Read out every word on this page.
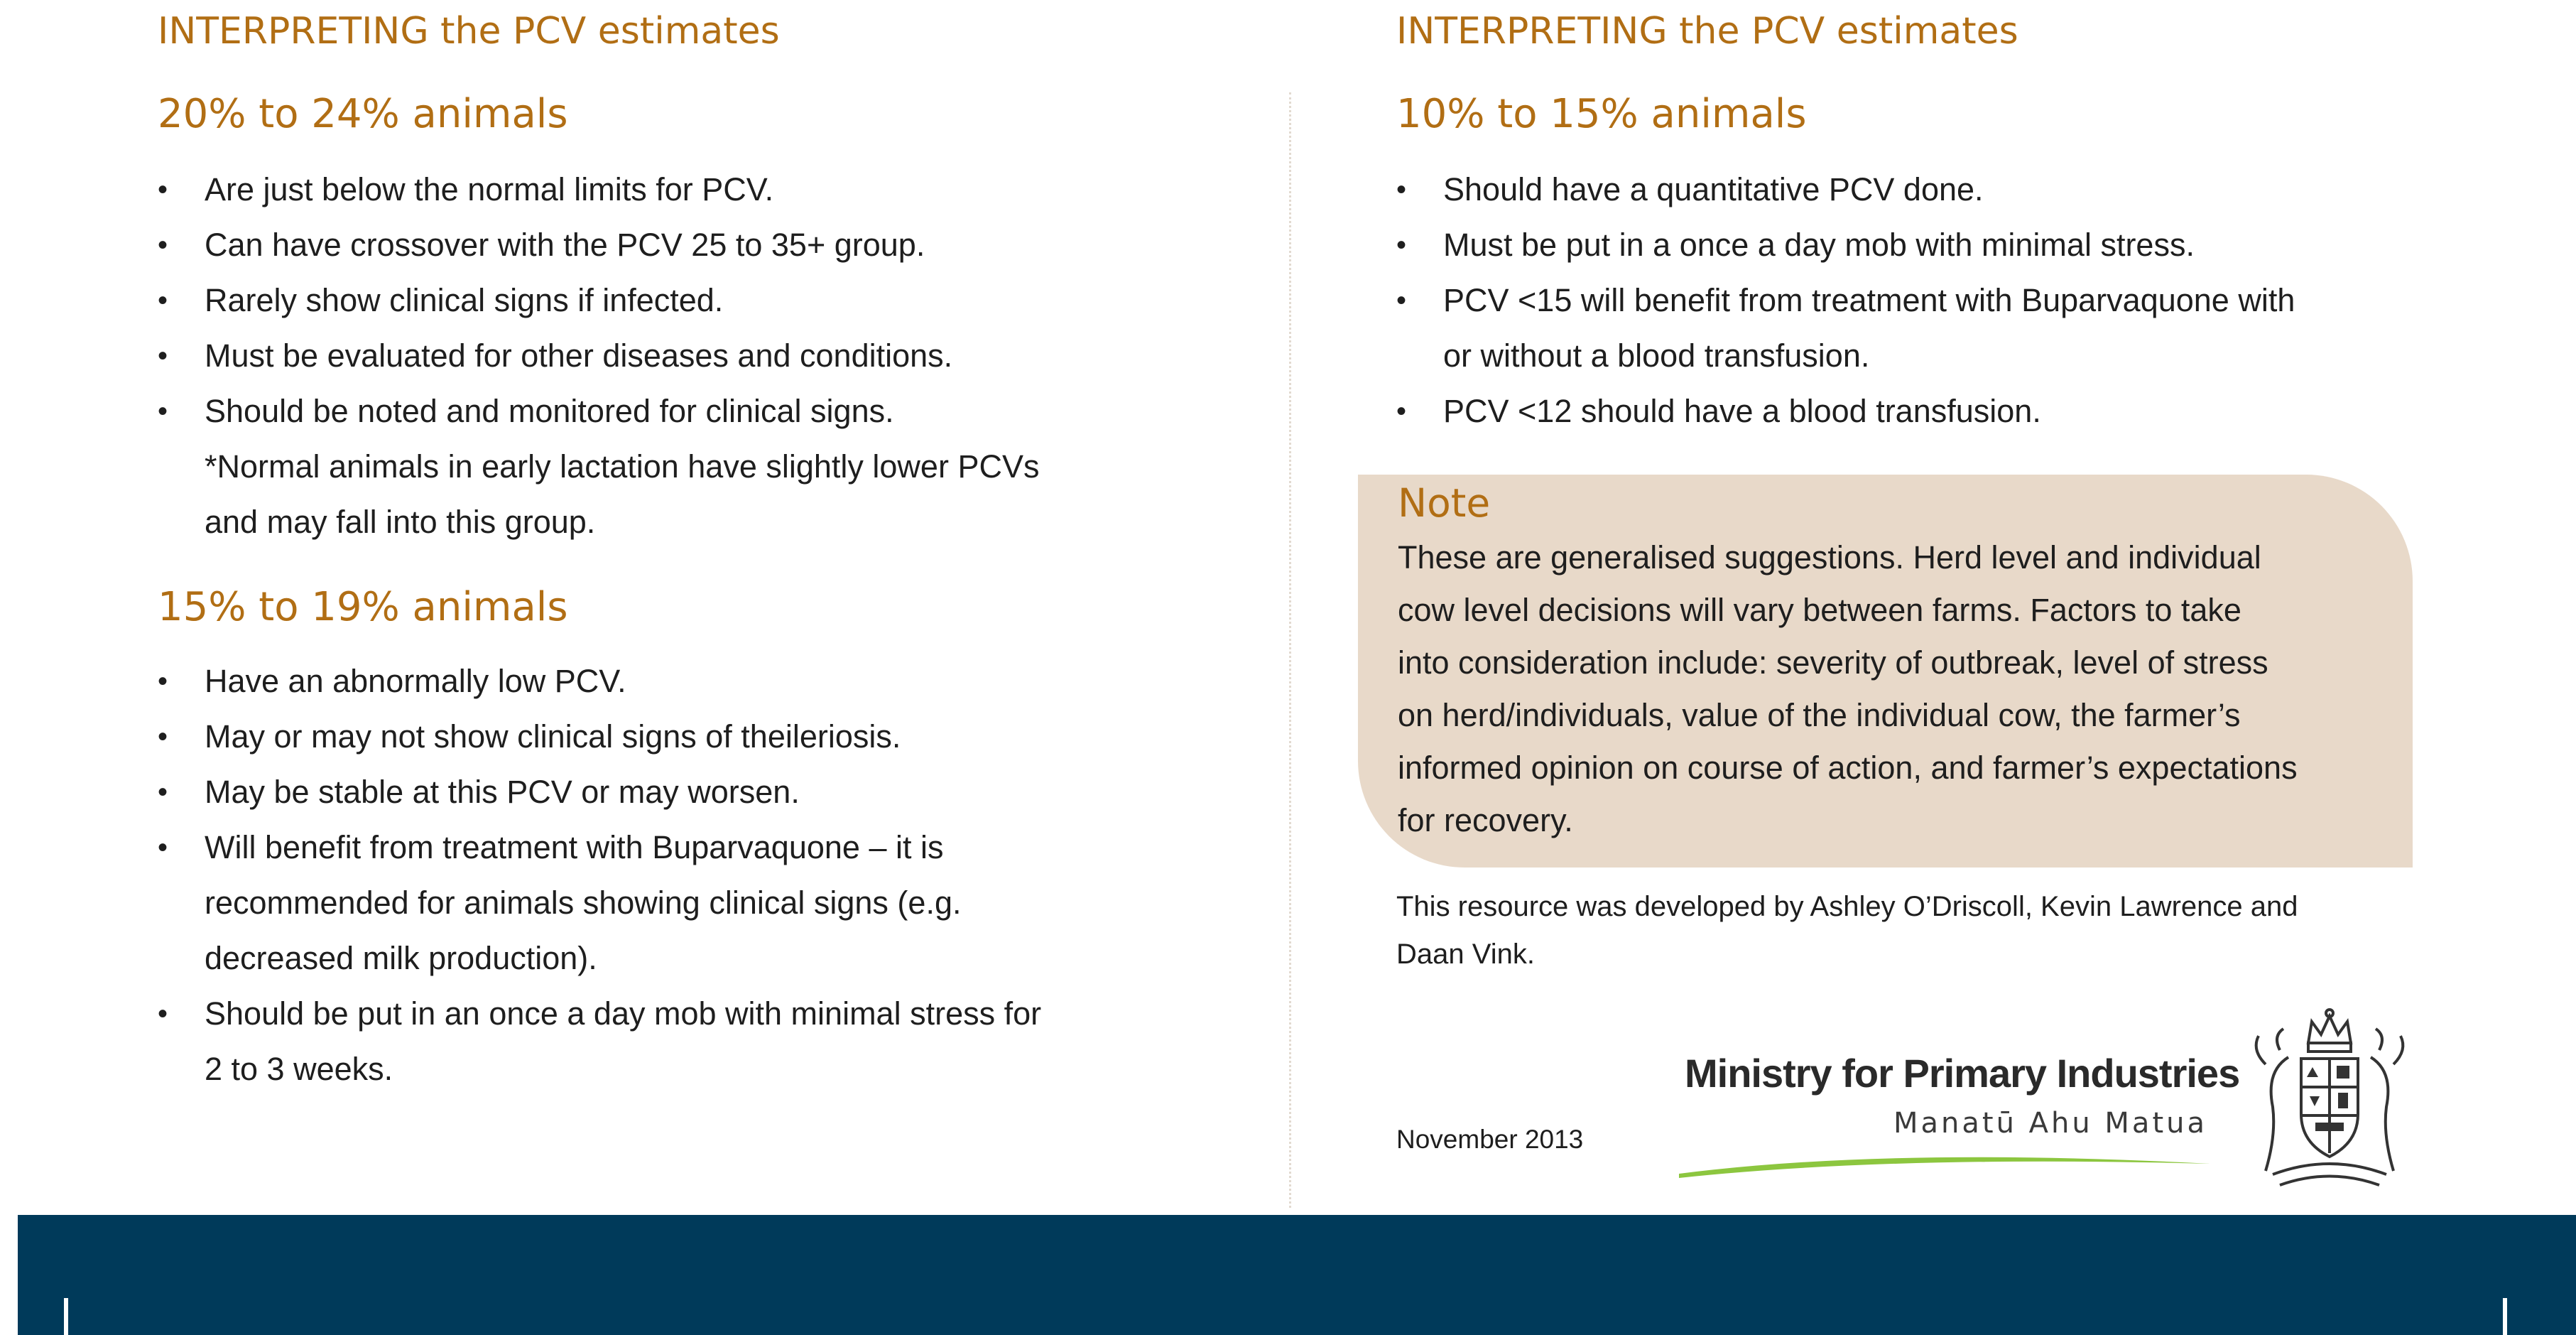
INTERPRETING the PCV estimates
20% to 24% animals
• Are just below the normal limits for PCV.
• Can have crossover with the PCV 25 to 35+ group.
• Rarely show clinical signs if infected.
• Must be evaluated for other diseases and conditions.
• Should be noted and monitored for clinical signs.
*Normal animals in early lactation have slightly lower PCVs
and may fall into this group.
15% to 19% animals
• Have an abnormally low PCV.
• May or may not show clinical signs of theileriosis.
• May be stable at this PCV or may worsen.
• Will benefit from treatment with Buparvaquone – it is
recommended for animals showing clinical signs (e.g.
decreased milk production).
• Should be put in an once a day mob with minimal stress for
2 to 3 weeks.
INTERPRETING the PCV estimates
10% to 15% animals
• Should have a quantitative PCV done.
• Must be put in a once a day mob with minimal stress.
• PCV <15 will benefit from treatment with Buparvaquone with
or without a blood transfusion.
• PCV <12 should have a blood transfusion.
Note
These are generalised suggestions. Herd level and individual
cow level decisions will vary between farms. Factors to take
into consideration include: severity of outbreak, level of stress
on herd/individuals, value of the individual cow, the farmer’s
informed opinion on course of action, and farmer’s expectations
for recovery.
This resource was developed by Ashley O’Driscoll, Kevin Lawrence and
Daan Vink.
November 2013
Ministry for Primary Industries
Manatū Ahu Matua
